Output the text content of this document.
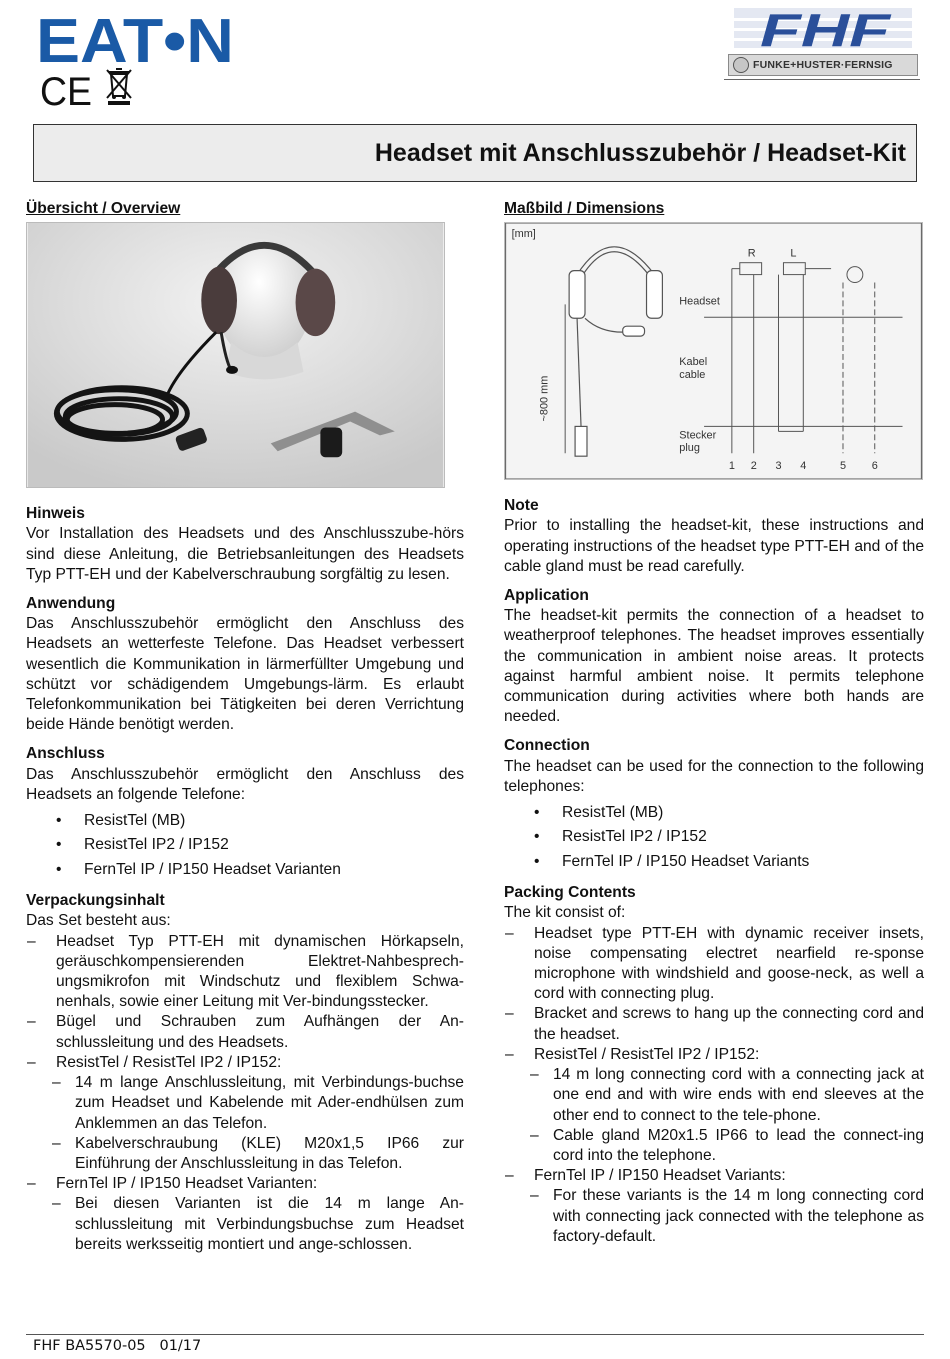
EAT•N
CE
FHF
FUNKE+HUSTER·FERNSIG
Headset mit Anschlusszubehör / Headset-Kit
Übersicht / Overview
Hinweis
Vor Installation des Headsets und des Anschlusszube-hörs sind diese Anleitung, die Betriebsanleitungen des Headsets Typ PTT-EH und der Kabelverschraubung sorgfältig zu lesen.
Anwendung
Das Anschlusszubehör ermöglicht den Anschluss des Headsets an wetterfeste Telefone. Das Headset verbessert wesentlich die Kommunikation in lärmerfüllter Umgebung und schützt vor schädigendem Umgebungs-lärm. Es erlaubt Telefonkommunikation bei Tätigkeiten bei deren Verrichtung beide Hände benötigt werden.
Anschluss
Das Anschlusszubehör ermöglicht den Anschluss des Headsets an folgende Telefone:
• ResistTel (MB)
• ResistTel IP2 / IP152
• FernTel IP / IP150 Headset Varianten
Verpackungsinhalt
Das Set besteht aus:
– Headset Typ PTT-EH mit dynamischen Hörkapseln, geräuschkompensierenden Elektret-Nahbesprech-ungsmikrofon mit Windschutz und flexiblem Schwa-nenhals, sowie einer Leitung mit Ver-bindungsstecker.
– Bügel und Schrauben zum Aufhängen der An-schlussleitung und des Headsets.
– ResistTel / ResistTel IP2 / IP152:
– 14 m lange Anschlussleitung, mit Verbindungs-buchse zum Headset und Kabelende mit Ader-endhülsen zum Anklemmen an das Telefon.
– Kabelverschraubung (KLE) M20x1,5 IP66 zur Einführung der Anschlussleitung in das Telefon.
– FernTel IP / IP150 Headset Varianten:
– Bei diesen Varianten ist die 14 m lange An-schlussleitung mit Verbindungsbuchse zum Headset bereits werksseitig montiert und ange-schlossen.
Maßbild / Dimensions
[mm]
~800 mm
Headset
Kabel
cable
Stecker
plug
R	L
1 2 3 4	5 6
Note
Prior to installing the headset-kit, these instructions and operating instructions of the headset type PTT-EH and of the cable gland must be read carefully.
Application
The headset-kit permits the connection of a headset to weatherproof telephones. The headset improves essentially the communication in ambient noise areas. It protects against harmful ambient noise. It permits telephone communication during activities where both hands are needed.
Connection
The headset can be used for the connection to the following telephones:
• ResistTel (MB)
• ResistTel IP2 / IP152
• FernTel IP / IP150 Headset Variants
Packing Contents
The kit consist of:
– Headset type PTT-EH with dynamic receiver insets, noise compensating electret nearfield re-sponse microphone with windshield and goose-neck, as well a cord with connecting plug.
– Bracket and screws to hang up the connecting cord and the headset.
– ResistTel / ResistTel IP2 / IP152:
– 14 m long connecting cord with a connecting jack at one end and with wire ends with end sleeves at the other end to connect to the tele-phone.
– Cable gland M20x1.5 IP66 to lead the connect-ing cord into the telephone.
– FernTel IP / IP150 Headset Variants:
– For these variants is the 14 m long connecting cord with connecting jack connected with the telephone as factory-default.
FHF BA5570-05   01/17
